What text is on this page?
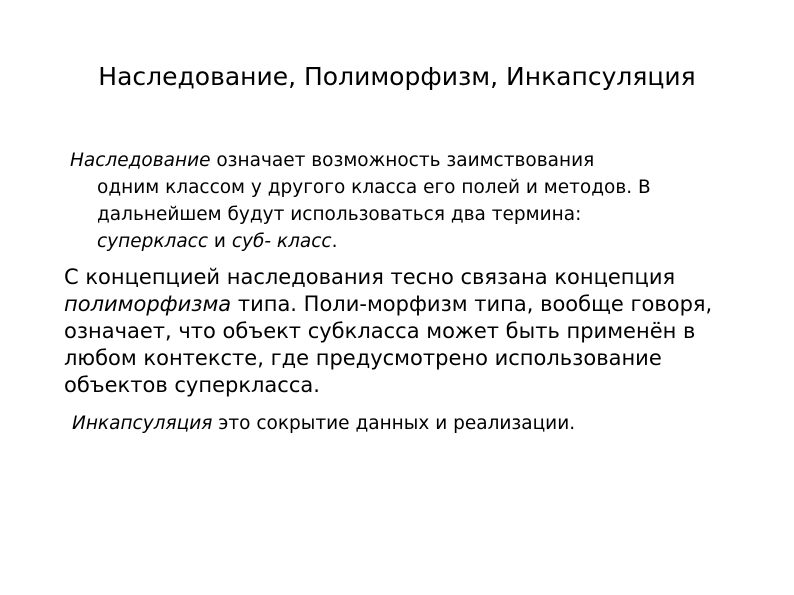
Наследование, Полиморфизм, Инкапсуляция

Наследование означает возможность заимствования
одним классом у другого класса его полей и методов. В
дальнейшем будут использоваться два термина:
суперкласс и суб- класс.

С концепцией наследования тесно связана концепция полиморфизма типа. Поли-морфизм типа, вообще говоря, означает, что объект субкласса может быть применён в любом контексте, где предусмотрено использование объектов суперкласса.

Инкапсуляция это сокрытие данных и реализации.
